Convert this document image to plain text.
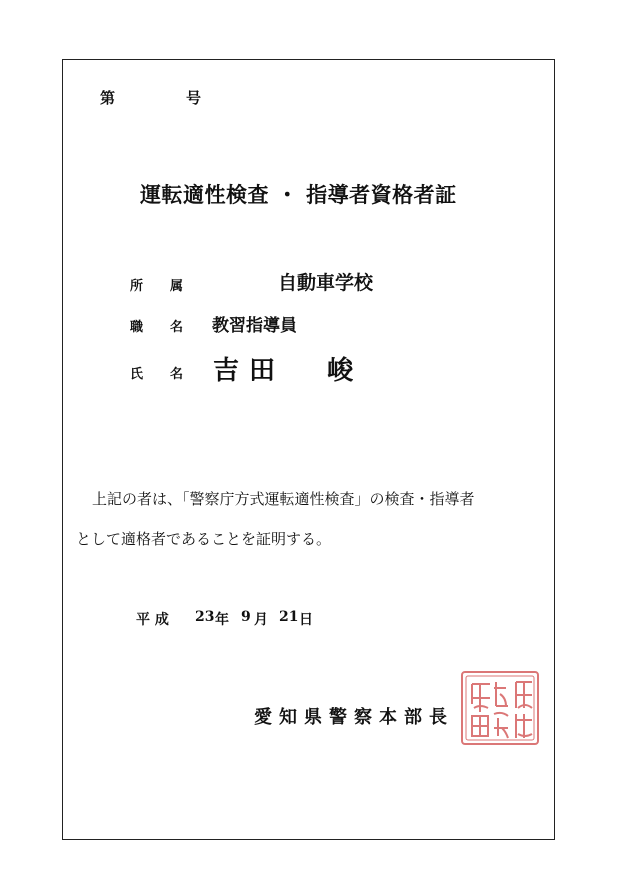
第	号
運転適性検査 ・ 指導者資格者証
所 属	自動車学校
職 名 教習指導員
氏 名 吉田 峻
上記の者は、「警察庁方式運転適性検査」の検査・指導者
として適格者であることを証明する。
平 成 23 年 9 月 21 日
愛知県警察本部長
